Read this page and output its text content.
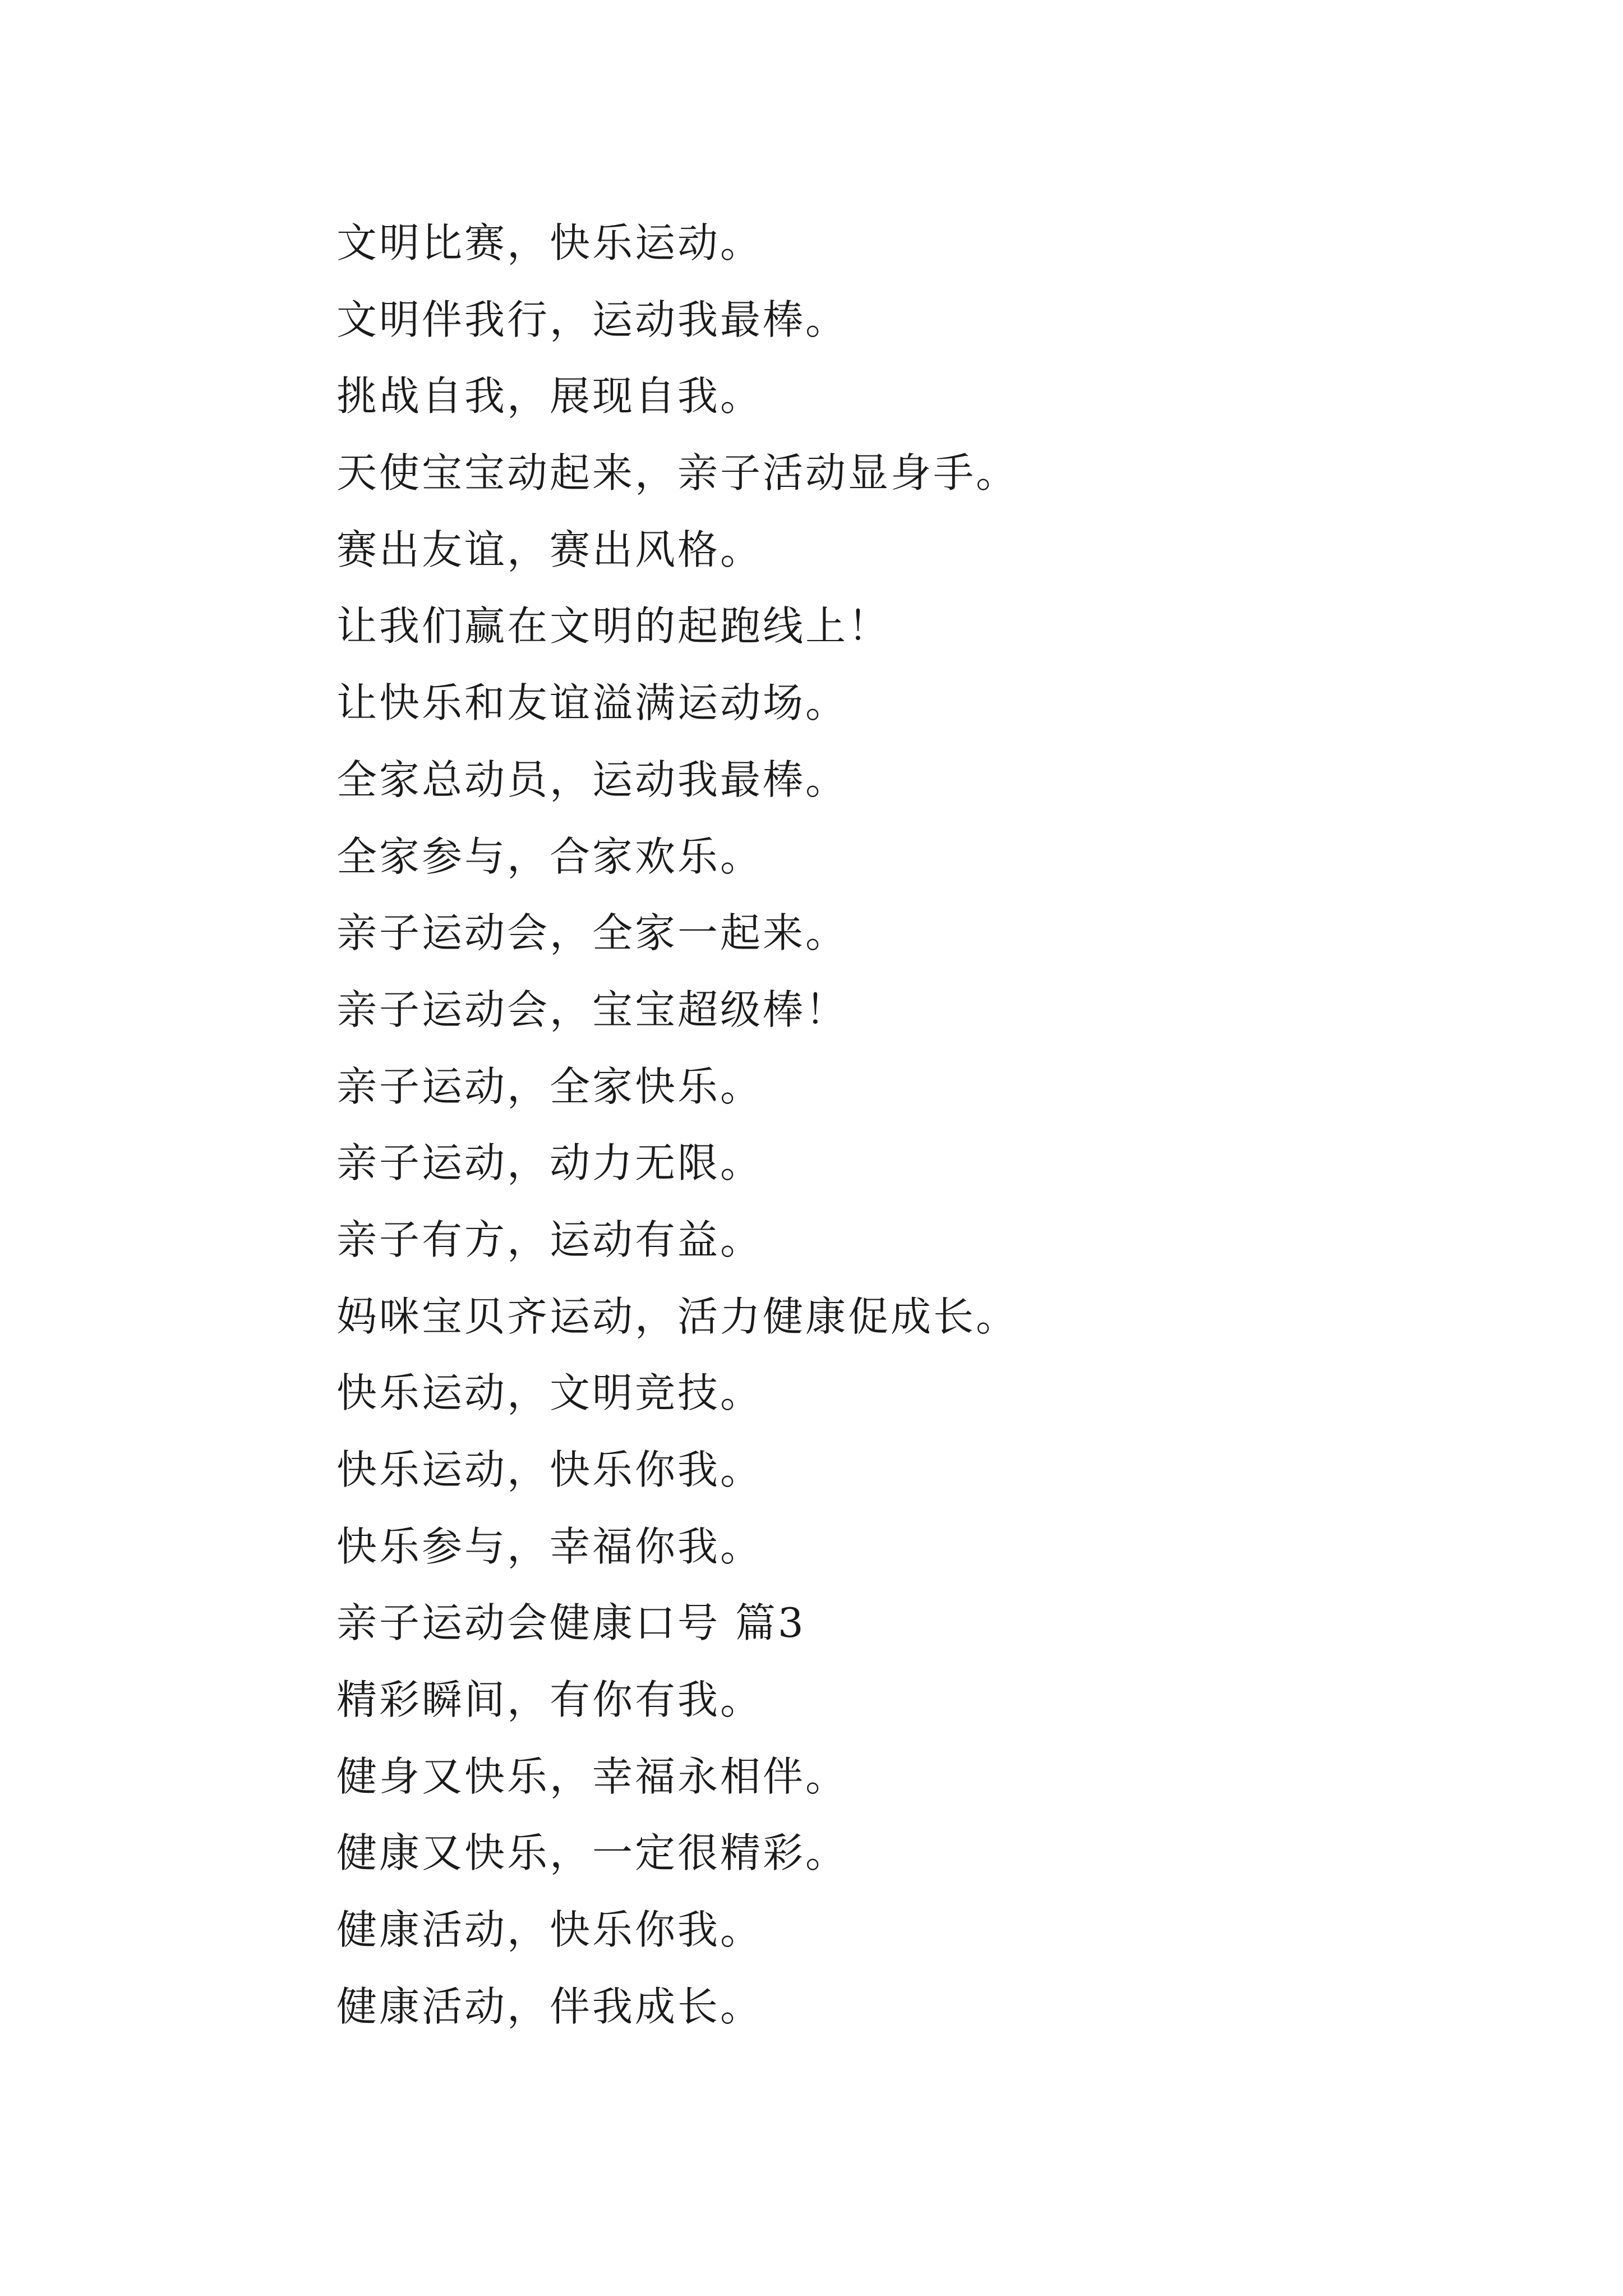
文明比赛，快乐运动。
文明伴我行，运动我最棒。
挑战自我，展现自我。
天使宝宝动起来，亲子活动显身手。
赛出友谊，赛出风格。
让我们赢在文明的起跑线上！
让快乐和友谊溢满运动场。
全家总动员，运动我最棒。
全家参与，合家欢乐。
亲子运动会，全家一起来。
亲子运动会，宝宝超级棒！
亲子运动，全家快乐。
亲子运动，动力无限。
亲子有方，运动有益。
妈咪宝贝齐运动，活力健康促成长。
快乐运动，文明竞技。
快乐运动，快乐你我。
快乐参与，幸福你我。
亲子运动会健康口号 篇3
精彩瞬间，有你有我。
健身又快乐，幸福永相伴。
健康又快乐，一定很精彩。
健康活动，快乐你我。
健康活动，伴我成长。
